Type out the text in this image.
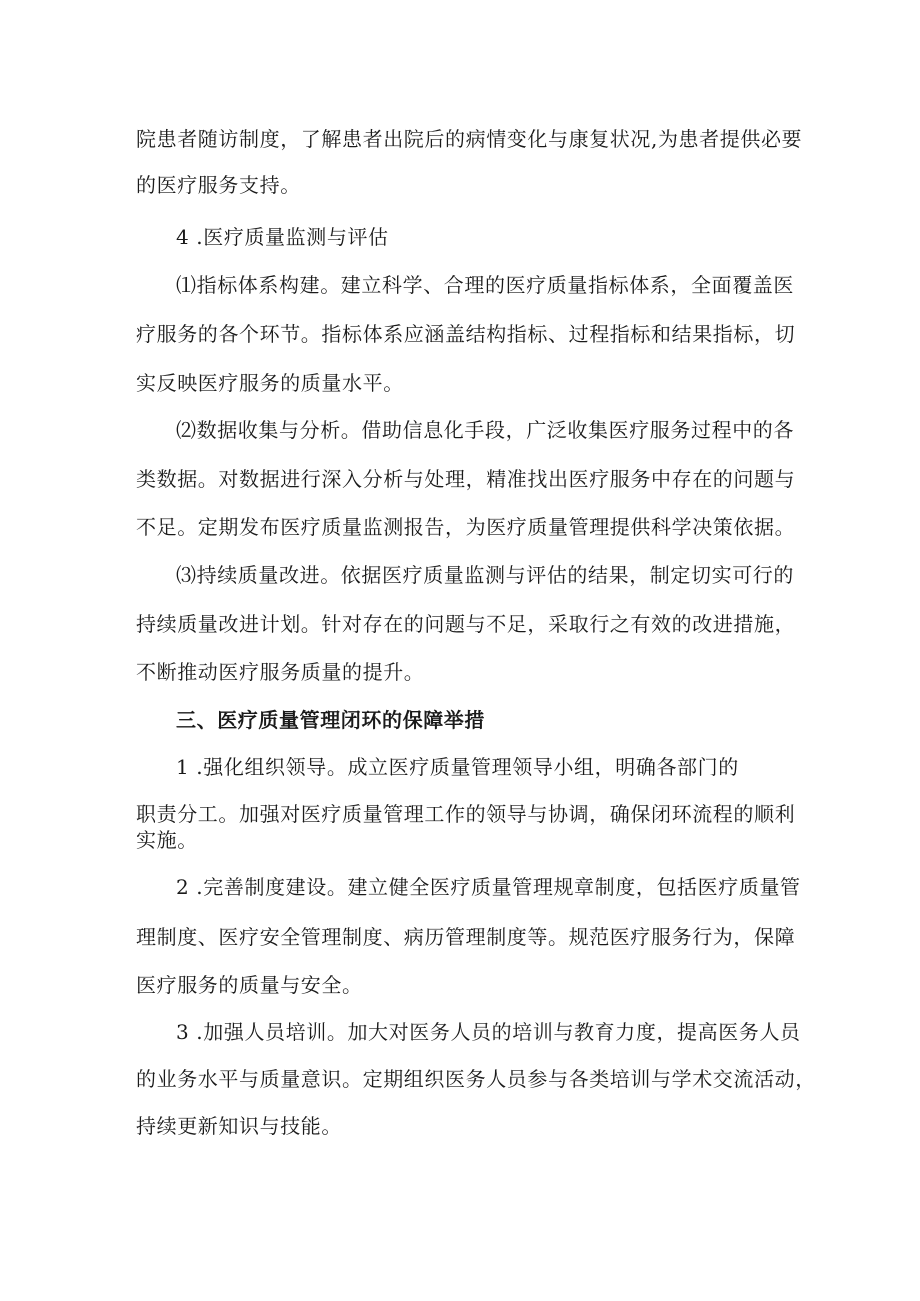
院患者随访制度，了解患者出院后的病情变化与康复状况,为患者提供必要
的医疗服务支持。
4 .医疗质量监测与评估
⑴指标体系构建。建立科学、合理的医疗质量指标体系，全面覆盖医
疗服务的各个环节。指标体系应涵盖结构指标、过程指标和结果指标，切
实反映医疗服务的质量水平。
⑵数据收集与分析。借助信息化手段，广泛收集医疗服务过程中的各
类数据。对数据进行深入分析与处理，精准找出医疗服务中存在的问题与
不足。定期发布医疗质量监测报告，为医疗质量管理提供科学决策依据。
⑶持续质量改进。依据医疗质量监测与评估的结果，制定切实可行的
持续质量改进计划。针对存在的问题与不足，采取行之有效的改进措施，
不断推动医疗服务质量的提升。
三、医疗质量管理闭环的保障举措
1 .强化组织领导。成立医疗质量管理领导小组，明确各部门的
职责分工。加强对医疗质量管理工作的领导与协调，确保闭环流程的顺利
实施。
2 .完善制度建设。建立健全医疗质量管理规章制度，包括医疗质量管
理制度、医疗安全管理制度、病历管理制度等。规范医疗服务行为，保障
医疗服务的质量与安全。
3 .加强人员培训。加大对医务人员的培训与教育力度，提高医务人员
的业务水平与质量意识。定期组织医务人员参与各类培训与学术交流活动，
持续更新知识与技能。
